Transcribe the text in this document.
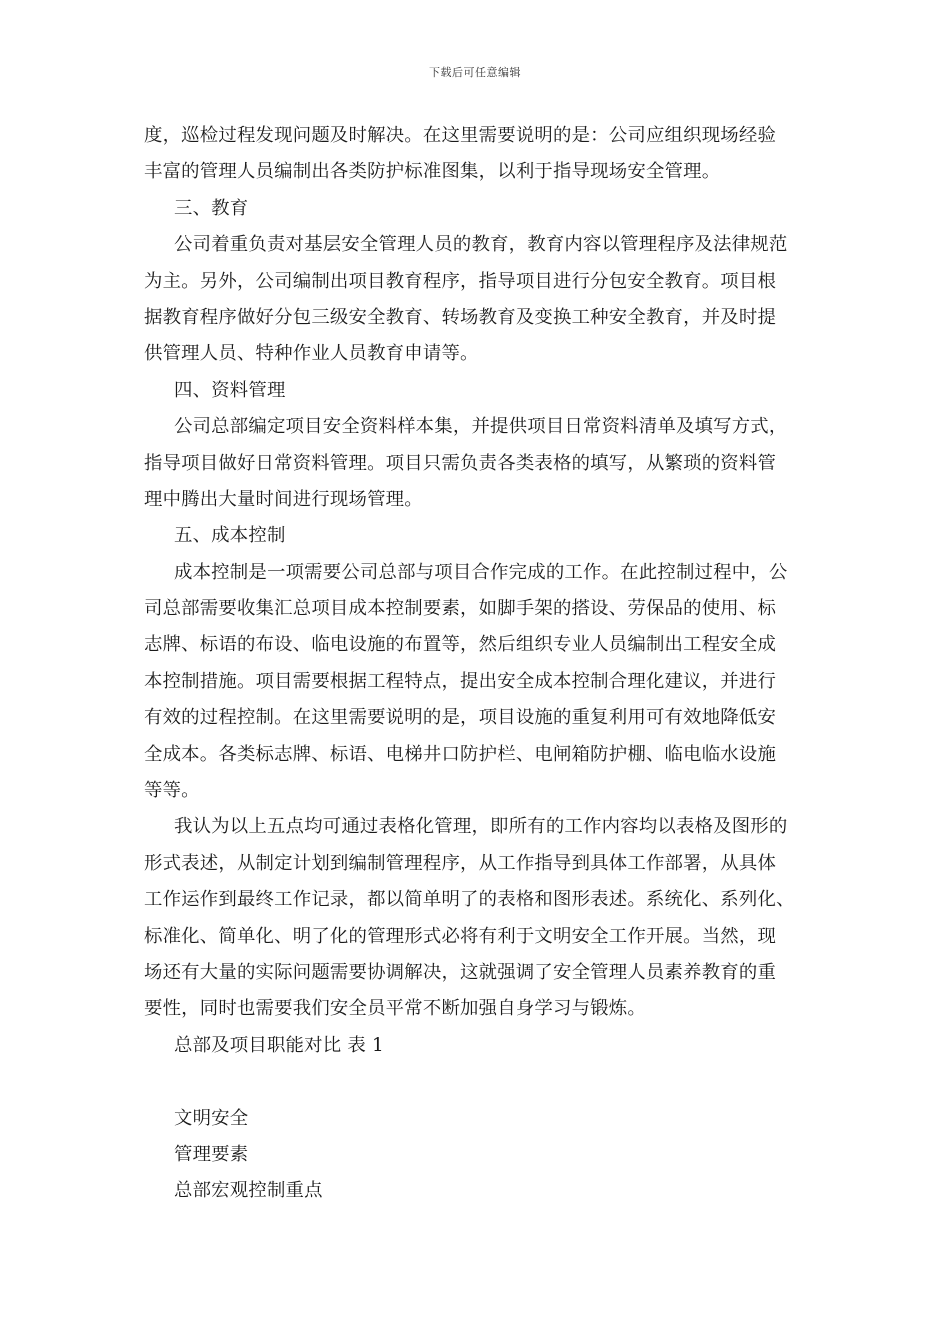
下载后可任意编辑
度，巡检过程发现问题及时解决。在这里需要说明的是：公司应组织现场经验
丰富的管理人员编制出各类防护标准图集，以利于指导现场安全管理。
三、教育
公司着重负责对基层安全管理人员的教育，教育内容以管理程序及法律规范
为主。另外，公司编制出项目教育程序，指导项目进行分包安全教育。项目根
据教育程序做好分包三级安全教育、转场教育及变换工种安全教育，并及时提
供管理人员、特种作业人员教育申请等。
四、资料管理
公司总部编定项目安全资料样本集，并提供项目日常资料清单及填写方式，
指导项目做好日常资料管理。项目只需负责各类表格的填写，从繁琐的资料管
理中腾出大量时间进行现场管理。
五、成本控制
成本控制是一项需要公司总部与项目合作完成的工作。在此控制过程中，公
司总部需要收集汇总项目成本控制要素，如脚手架的搭设、劳保品的使用、标
志牌、标语的布设、临电设施的布置等，然后组织专业人员编制出工程安全成
本控制措施。项目需要根据工程特点，提出安全成本控制合理化建议，并进行
有效的过程控制。在这里需要说明的是，项目设施的重复利用可有效地降低安
全成本。各类标志牌、标语、电梯井口防护栏、电闸箱防护棚、临电临水设施
等等。
我认为以上五点均可通过表格化管理，即所有的工作内容均以表格及图形的
形式表述，从制定计划到编制管理程序，从工作指导到具体工作部署，从具体
工作运作到最终工作记录，都以简单明了的表格和图形表述。系统化、系列化、
标准化、简单化、明了化的管理形式必将有利于文明安全工作开展。当然，现
场还有大量的实际问题需要协调解决，这就强调了安全管理人员素养教育的重
要性，同时也需要我们安全员平常不断加强自身学习与锻炼。
总部及项目职能对比 表 1
文明安全
管理要素
总部宏观控制重点
